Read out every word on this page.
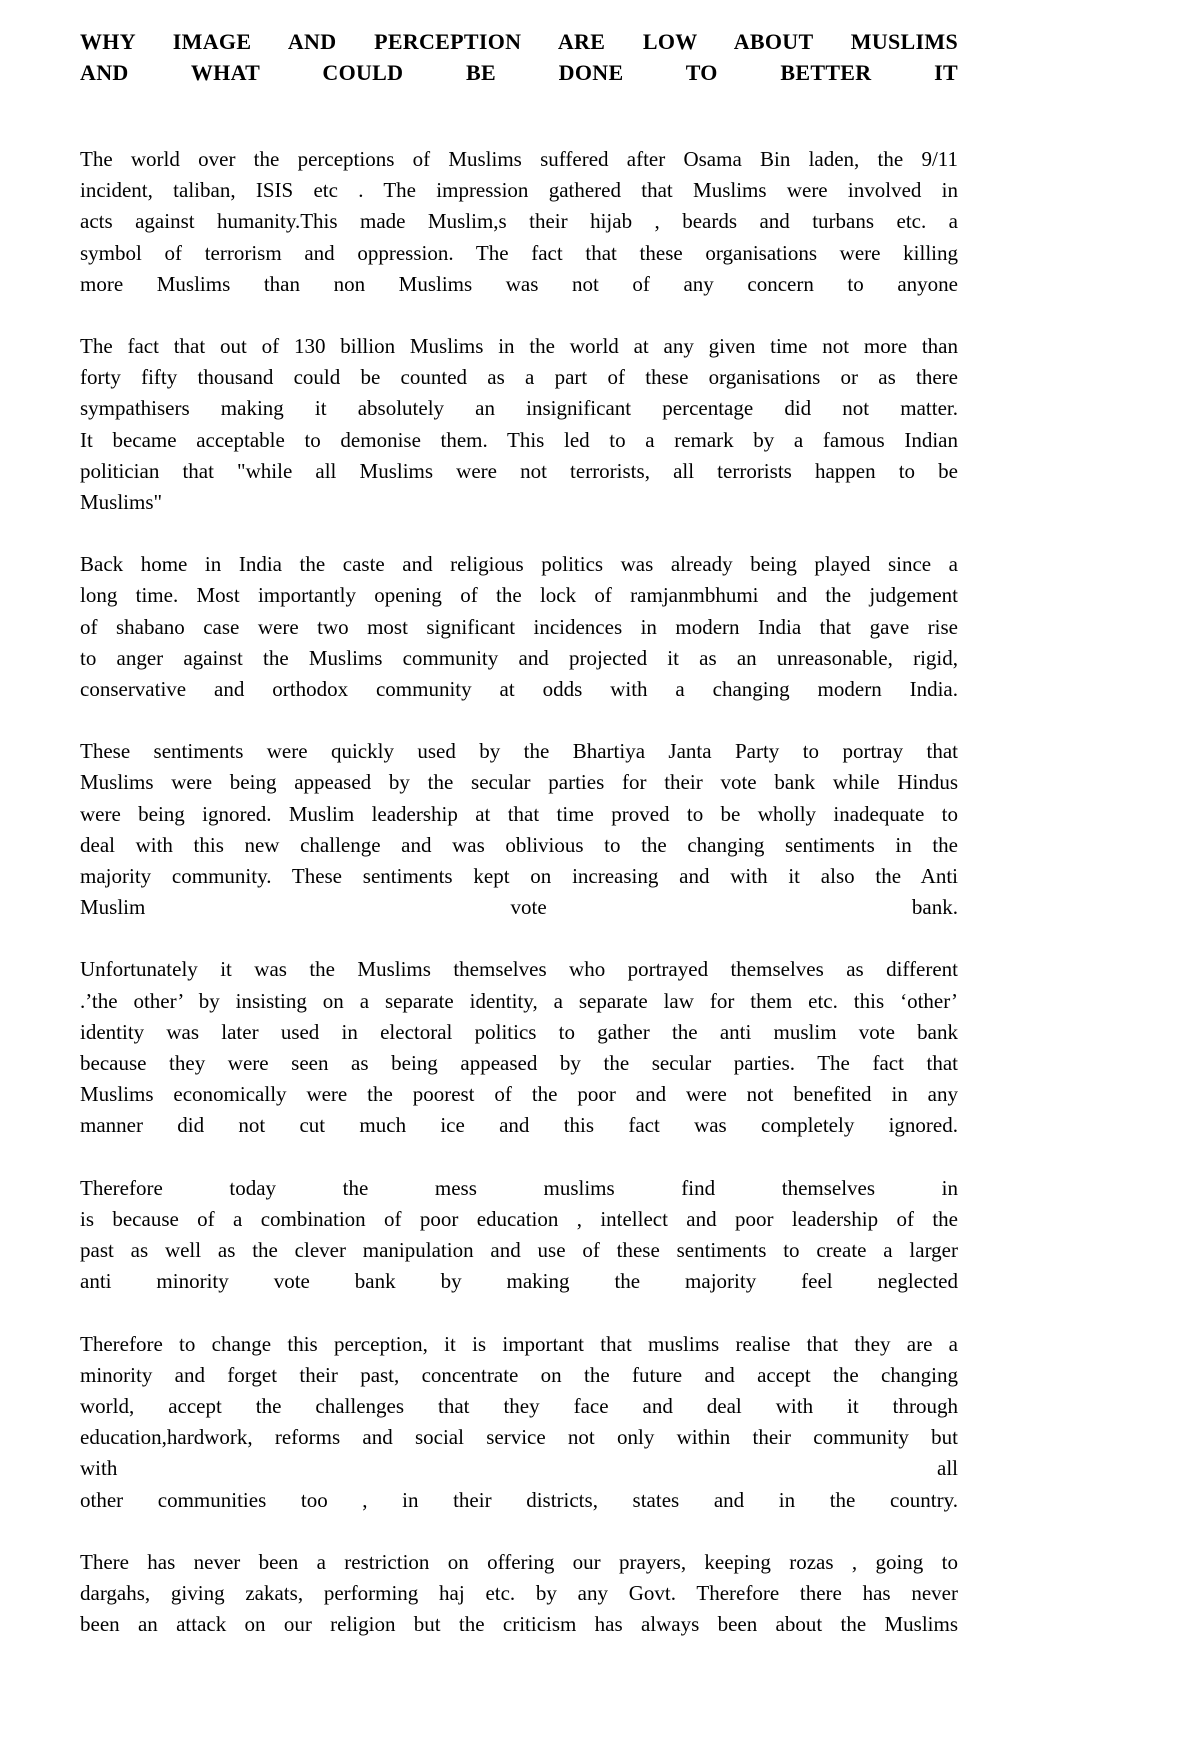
WHY IMAGE AND PERCEPTION ARE LOW ABOUT MUSLIMS
AND WHAT COULD BE DONE TO BETTER IT
The world over the perceptions of Muslims suffered after Osama Bin laden, the 9/11
incident, taliban, ISIS etc . The impression gathered that Muslims were involved in
acts against humanity.This made Muslim,s their hijab , beards and turbans etc. a
symbol of terrorism and oppression. The fact that these organisations were killing
more Muslims than non Muslims was not of any concern to anyone
The fact that out of 130 billion Muslims in the world at any given time not more than
forty fifty thousand could be counted as a part of these organisations or as there
sympathisers making it absolutely an insignificant percentage did not matter.
It became acceptable to demonise them. This led to a remark by a famous Indian
politician that "while all Muslims were not terrorists, all terrorists happen to be
Muslims"
Back home in India the caste and religious politics was already being played since a
long time. Most importantly opening of the lock of ramjanmbhumi and the judgement
of shabano case were two most significant incidences in modern India that gave rise
to anger against the Muslims community and projected it as an unreasonable, rigid,
conservative and orthodox community at odds with a changing modern India.
These sentiments were quickly used by the Bhartiya Janta Party to portray that
Muslims were being appeased by the secular parties for their vote bank while Hindus
were being ignored. Muslim leadership at that time proved to be wholly inadequate to
deal with this new challenge and was oblivious to the changing sentiments in the
majority community. These sentiments kept on increasing and with it also the Anti
Muslim vote bank.
Unfortunately it was the Muslims themselves who portrayed themselves as different
.’the other’ by insisting on a separate identity, a separate law for them etc. this ‘other’
identity was later used in electoral politics to gather the anti muslim vote bank
because they were seen as being appeased by the secular parties. The fact that
Muslims economically were the poorest of the poor and were not benefited in any
manner did not cut much ice and this fact was completely ignored.
Therefore today the mess muslims find themselves in
is because of a combination of poor education , intellect and poor leadership of the
past as well as the clever manipulation and use of these sentiments to create a larger
anti minority vote bank by making the majority feel neglected
Therefore to change this perception, it is important that muslims realise that they are a
minority and forget their past, concentrate on the future and accept the changing
world, accept the challenges that they face and deal with it through
education,hardwork, reforms and social service not only within their community but
with all
other communities too , in their districts, states and in the country.
There has never been a restriction on offering our prayers, keeping rozas , going to
dargahs, giving zakats, performing haj etc. by any Govt. Therefore there has never
been an attack on our religion but the criticism has always been about the Muslims
